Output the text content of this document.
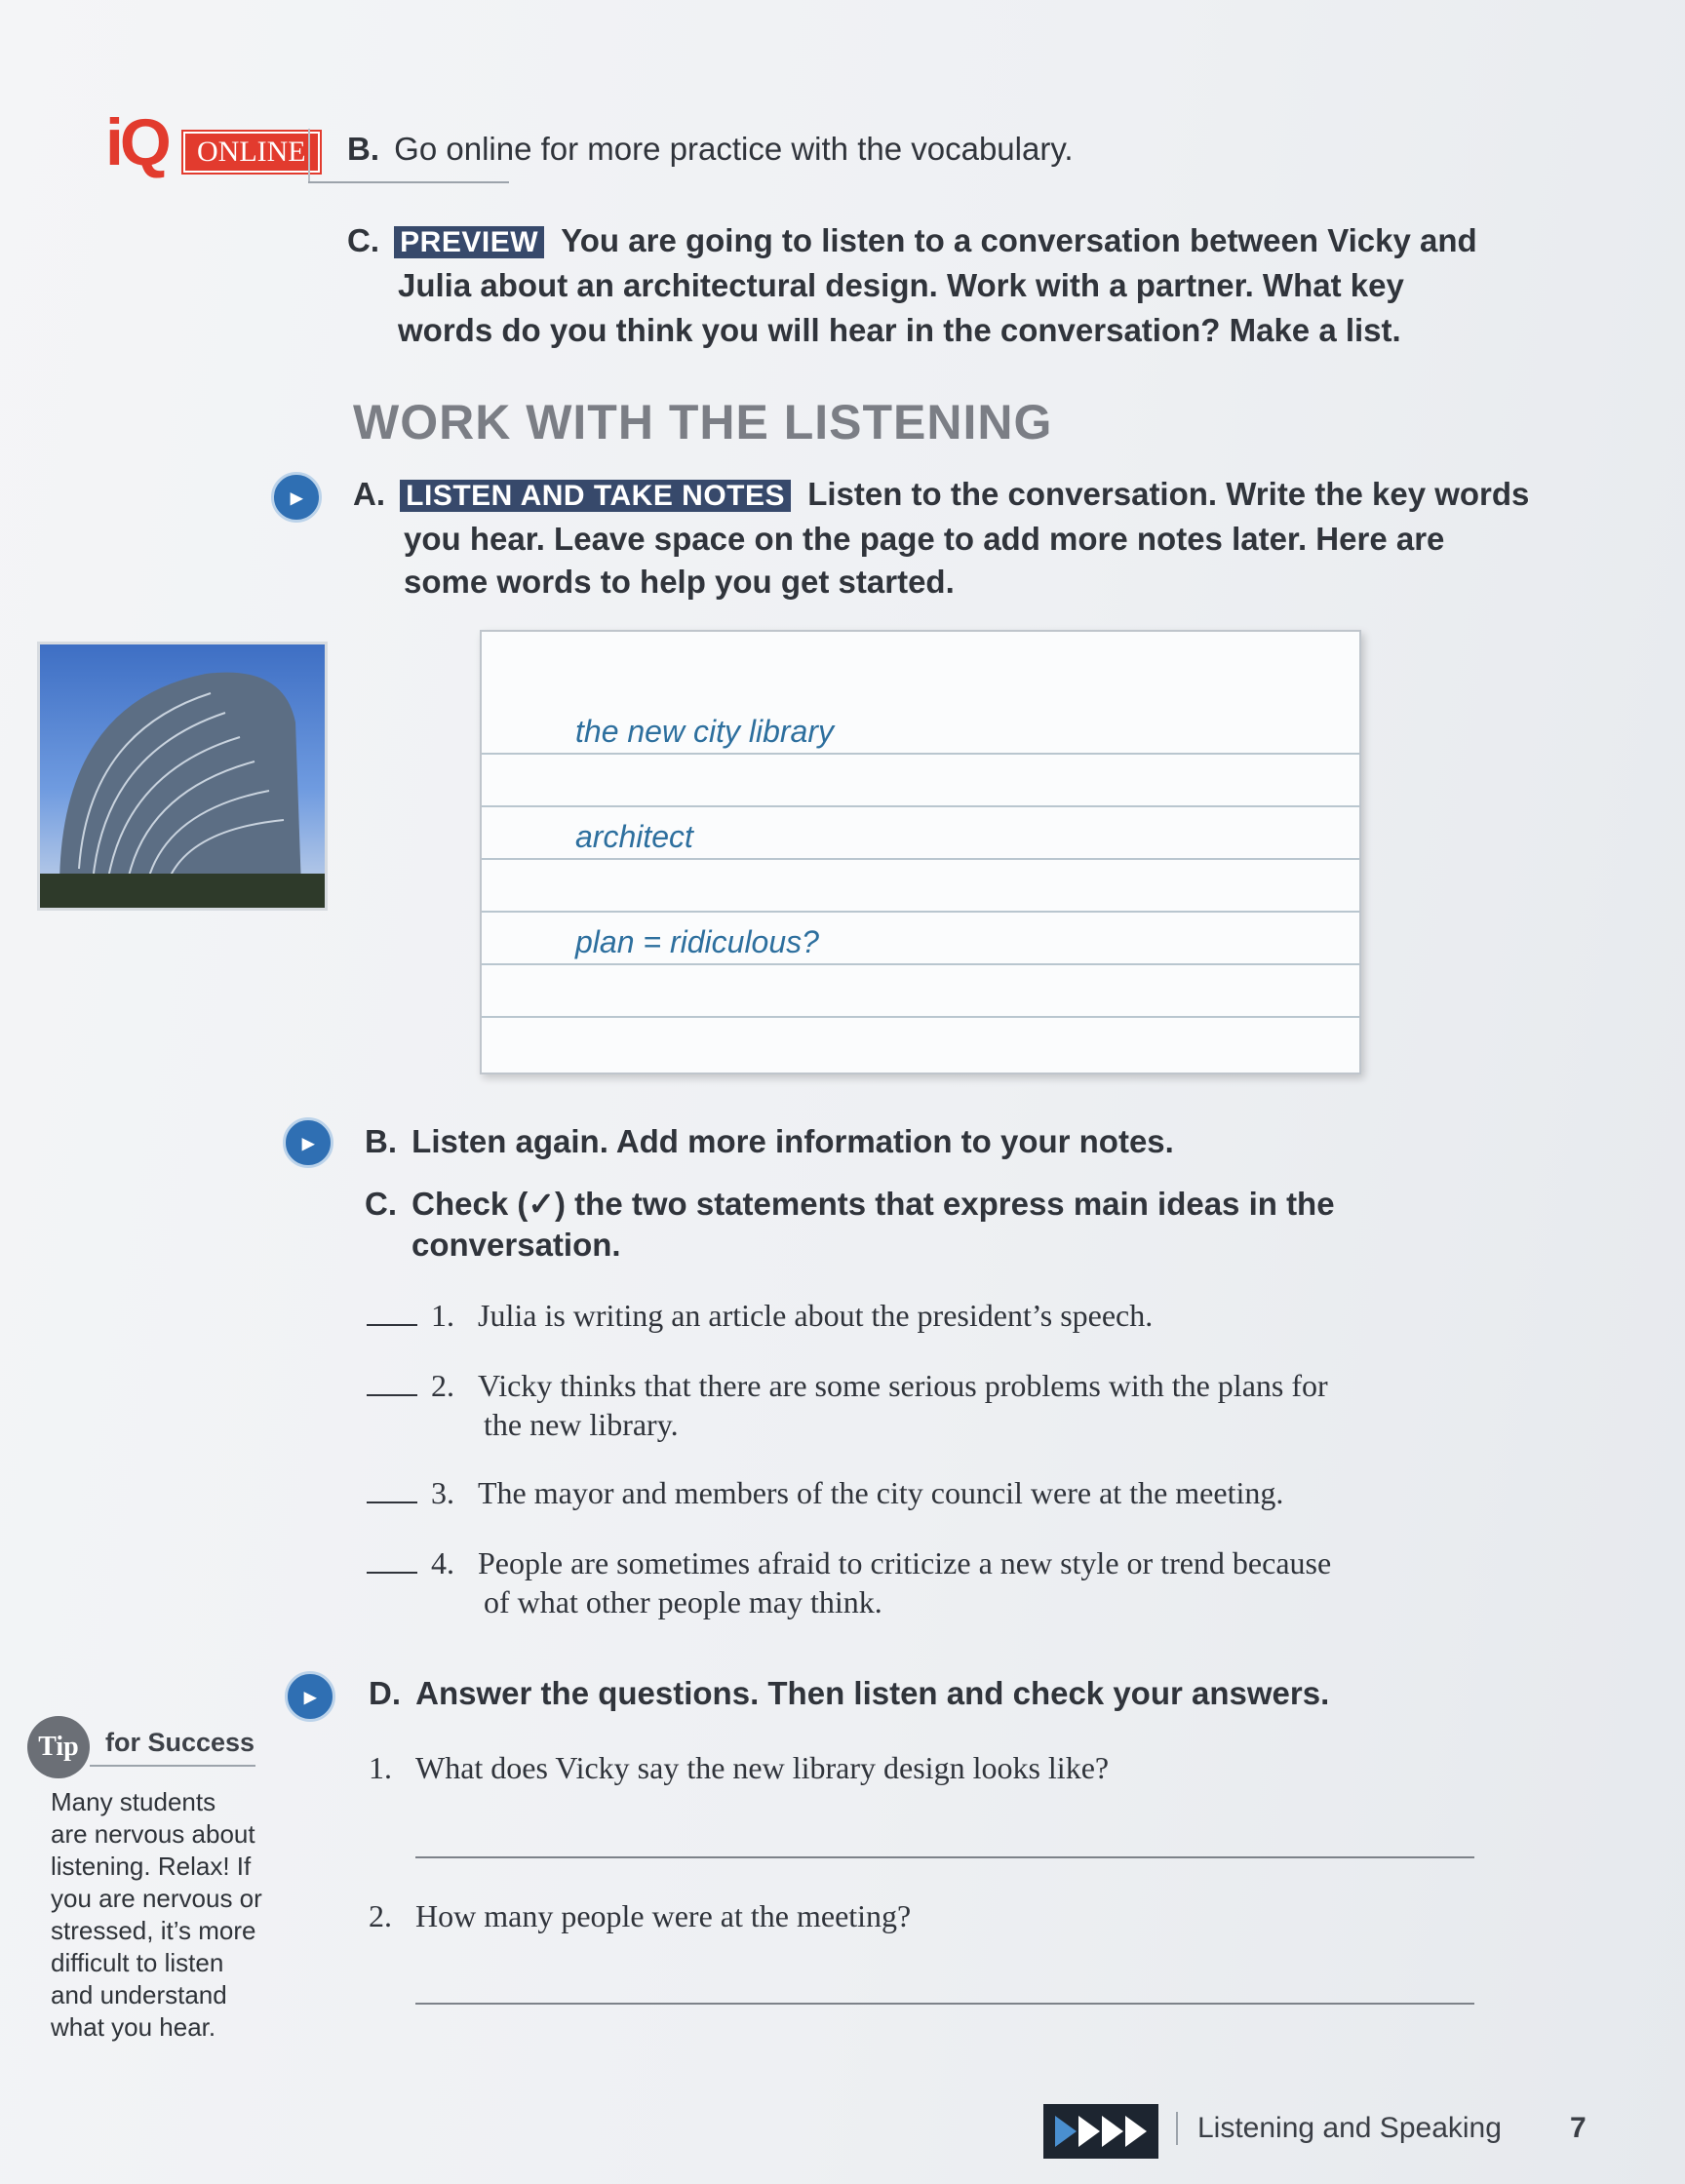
iQ	ONLINE	B. Go online for more practice with the vocabulary.
C. PREVIEW You are going to listen to a conversation between Vicky and
Julia about an architectural design. Work with a partner. What key
words do you think you will hear in the conversation? Make a list.
WORK WITH THE LISTENING
▸	A. LISTEN AND TAKE NOTES Listen to the conversation. Write the key words
you hear. Leave space on the page to add more notes later. Here are
some words to help you get started.
the new city library
architect
plan = ridiculous?
▸	B. Listen again. Add more information to your notes.
C. Check (✓) the two statements that express main ideas in the
conversation.
1. Julia is writing an article about the president’s speech.
2. Vicky thinks that there are some serious problems with the plans for
the new library.
3. The mayor and members of the city council were at the meeting.
4. People are sometimes afraid to criticize a new style or trend because
of what other people may think.
▸	D. Answer the questions. Then listen and check your answers.
1. What does Vicky say the new library design looks like?
2. How many people were at the meeting?
Tip	for Success
Many students
are nervous about
listening. Relax! If
you are nervous or
stressed, it’s more
difficult to listen
and understand
what you hear.
Listening and Speaking 7
